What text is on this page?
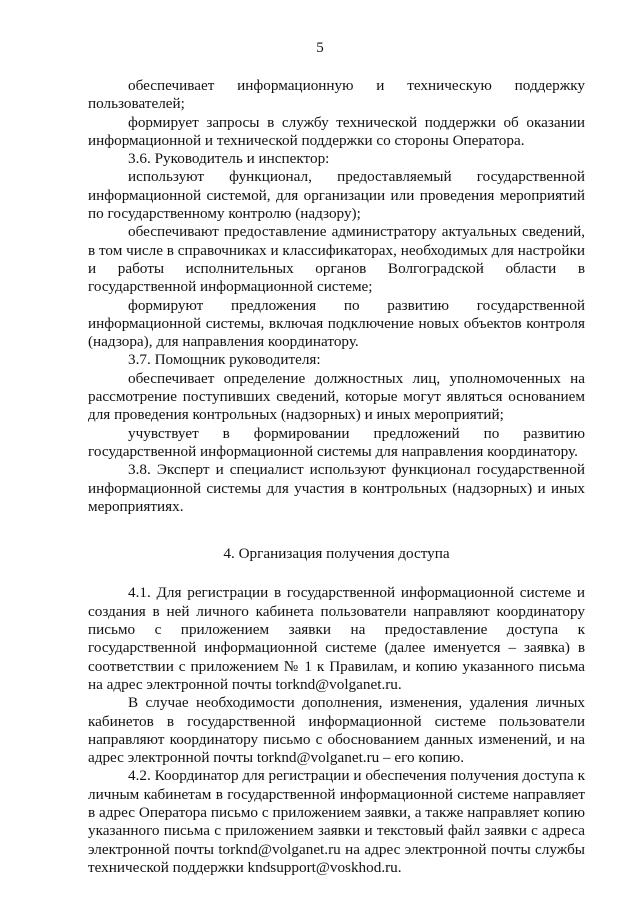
5

обеспечивает информационную и техническую поддержку пользователей;

формирует запросы в службу технической поддержки об оказании информационной и технической поддержки со стороны Оператора.

3.6. Руководитель и инспектор:

используют функционал, предоставляемый государственной информационной системой, для организации или проведения мероприятий по государственному контролю (надзору);

обеспечивают предоставление администратору актуальных сведений, в том числе в справочниках и классификаторах, необходимых для настройки и работы исполнительных органов Волгоградской области в государственной информационной системе;

формируют предложения по развитию государственной информационной системы, включая подключение новых объектов контроля (надзора), для направления координатору.

3.7. Помощник руководителя:

обеспечивает определение должностных лиц, уполномоченных на рассмотрение поступивших сведений, которые могут являться основанием для проведения контрольных (надзорных) и иных мероприятий;

учувствует в формировании предложений по развитию государственной информационной системы для направления координатору.

3.8. Эксперт и специалист используют функционал государственной информационной системы для участия в контрольных (надзорных) и иных мероприятиях.

4. Организация получения доступа

4.1. Для регистрации в государственной информационной системе и создания в ней личного кабинета пользователи направляют координатору письмо с приложением заявки на предоставление доступа к государственной информационной системе (далее именуется – заявка) в соответствии с приложением № 1 к Правилам, и копию указанного письма на адрес электронной почты torknd@volganet.ru.

В случае необходимости дополнения, изменения, удаления личных кабинетов в государственной информационной системе пользователи направляют координатору письмо с обоснованием данных изменений, и на адрес электронной почты torknd@volganet.ru – его копию.

4.2. Координатор для регистрации и обеспечения получения доступа к личным кабинетам в государственной информационной системе направляет в адрес Оператора письмо с приложением заявки, а также направляет копию указанного письма с приложением заявки и текстовый файл заявки с адреса электронной почты torknd@volganet.ru на адрес электронной почты службы технической поддержки kndsupport@voskhod.ru.
